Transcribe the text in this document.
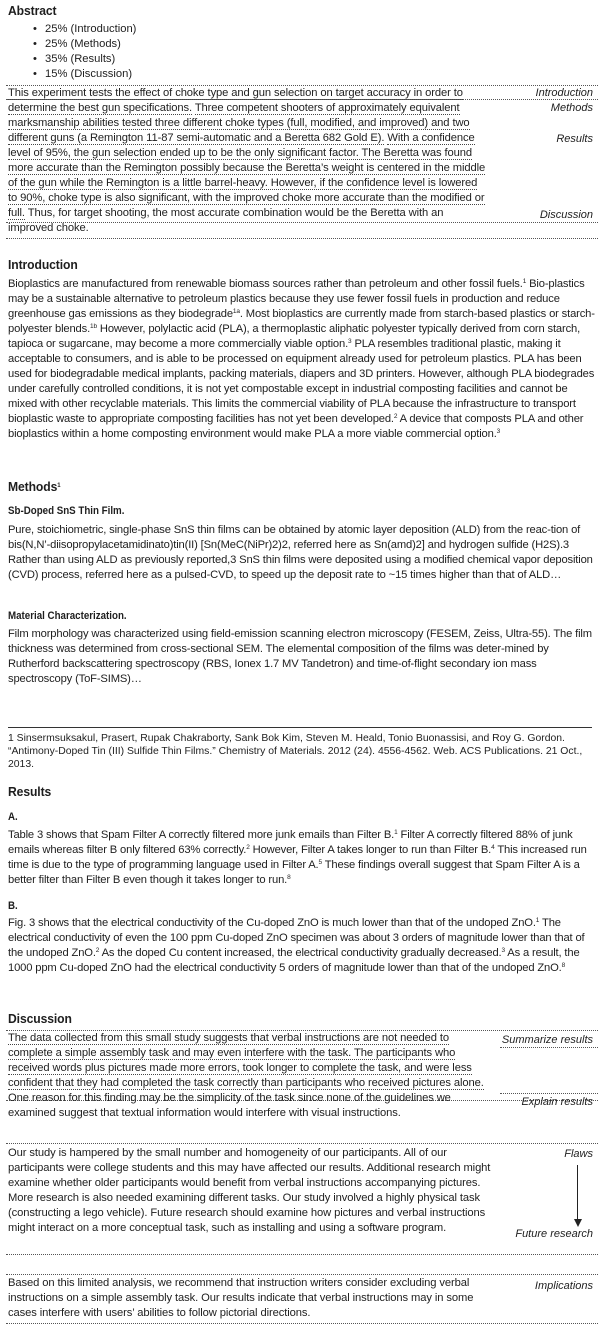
Abstract
• 25% (Introduction)
• 25% (Methods)
• 35% (Results)
• 15% (Discussion)
This experiment tests the effect of choke type and gun selection on target accuracy in order to determine the best gun specifications. Three competent shooters of approximately equivalent marksmanship abilities tested three different choke types (full, modified, and improved) and two different guns (a Remington 11-87 semi-automatic and a Beretta 682 Gold E). With a confidence level of 95%, the gun selection ended up to be the only significant factor. The Beretta was found more accurate than the Remington possibly because the Beretta’s weight is centered in the middle of the gun while the Remington is a little barrel-heavy. However, if the confidence level is lowered to 90%, choke type is also significant, with the improved choke more accurate than the modified or full. Thus, for target shooting, the most accurate combination would be the Beretta with an improved choke.
Introduction
Methods
Results
Discussion
Introduction

Bioplastics are manufactured from renewable biomass sources rather than petroleum and other fossil fuels.$^1$ Bio-plastics may be a sustainable alternative to petroleum plastics because they use fewer fossil fuels in production and reduce greenhouse gas emissions as they biodegrade$^{1a}$. Most bioplastics are currently made from starch-based plastics or starch-polyester blends.$^{1b}$ However, polylactic acid (PLA), a thermoplastic aliphatic polyester typically derived from corn starch, tapioca or sugarcane, may become a more commercially viable option.$^3$ PLA resembles traditional plastic, making it acceptable to consumers, and is able to be processed on equipment already used for petroleum plastics. PLA has been used for biodegradable medical implants, packing materials, diapers and 3D printers. However, although PLA biodegrades under carefully controlled conditions, it is not yet compostable except in industrial composting facilities and cannot be mixed with other recyclable materials. This limits the commercial viability of PLA because the infrastructure to transport bioplastic waste to appropriate composting facilities has not yet been developed.$^2$ A device that composts PLA and other bioplastics within a home composting environment would make PLA a more viable commercial option.$^3$

Methods$^1$
Sb-Doped SnS Thin Film.

Pure, stoichiometric, single-phase SnS thin films can be obtained by atomic layer deposition (ALD) from the reac-tion of bis(N,N’-diisopropylacetamidinato)tin(II) [Sn(MeC(NiPr)2)2, referred here as Sn(amd)2] and hydrogen sulfide (H2S).3 Rather than using ALD as previously reported,3 SnS thin films were deposited using a modified chemical vapor deposition (CVD) process, referred here as a pulsed-CVD, to speed up the deposit rate to ~15 times higher than that of ALD…

Material Characterization.

Film morphology was characterized using field-emission scanning electron microscopy (FESEM, Zeiss, Ultra-55). The film thickness was determined from cross-sectional SEM. The elemental composition of the films was deter-mined by Rutherford backscattering spectroscopy (RBS, Ionex 1.7 MV Tandetron) and time-of-flight secondary ion mass spectroscopy (ToF-SIMS)…

1 Sinsermsuksakul, Prasert, Rupak Chakraborty, Sank Bok Kim, Steven M. Heald, Tonio Buonassisi, and Roy G. Gordon. “Antimony-Doped Tin (III) Sulfide Thin Films.” Chemistry of Materials. 2012 (24). 4556-4562. Web. ACS Publications. 21 Oct., 2013.

Results
A.

Table 3 shows that Spam Filter A correctly filtered more junk emails than Filter B.$^1$ Filter A correctly filtered 88% of junk emails whereas filter B only filtered 63% correctly.$^2$ However, Filter A takes longer to run than Filter B.$^4$ This increased run time is due to the type of programming language used in Filter A.$^5$ These findings overall suggest that Spam Filter A is a better filter than Filter B even though it takes longer to run.$^8$

B.

Fig. 3 shows that the electrical conductivity of the Cu-doped ZnO is much lower than that of the undoped ZnO.$^1$ The electrical conductivity of even the 100 ppm Cu-doped ZnO specimen was about 3 orders of magnitude lower than that of the undoped ZnO.$^2$ As the doped Cu content increased, the electrical conductivity gradually decreased.$^3$ As a result, the 1000 ppm Cu-doped ZnO had the electrical conductivity 5 orders of magnitude lower than that of the undoped ZnO.$^8$

Discussion
The data collected from this small study suggests that verbal instructions are not needed to complete a simple assembly task and may even interfere with the task. The participants who received words plus pictures made more errors, took longer to complete the task, and were less confident that they had completed the task correctly than participants who received pictures alone. One reason for this finding may be the simplicity of the task since none of the guidelines we examined suggest that textual information would interfere with visual instructions.
Summarize results
Explain results

Our study is hampered by the small number and homogeneity of our participants. All of our participants were college students and this may have affected our results. Additional research might examine whether older participants would benefit from verbal instructions accompanying pictures. More research is also needed examining different tasks. Our study involved a highly physical task (constructing a lego vehicle). Future research should examine how pictures and verbal instructions might interact on a more conceptual task, such as installing and using a software program.

Flaws
Future research

Based on this limited analysis, we recommend that instruction writers consider excluding verbal instructions on a simple assembly task. Our results indicate that verbal instructions may in some cases interfere with users’ abilities to follow pictorial directions.

Implications
